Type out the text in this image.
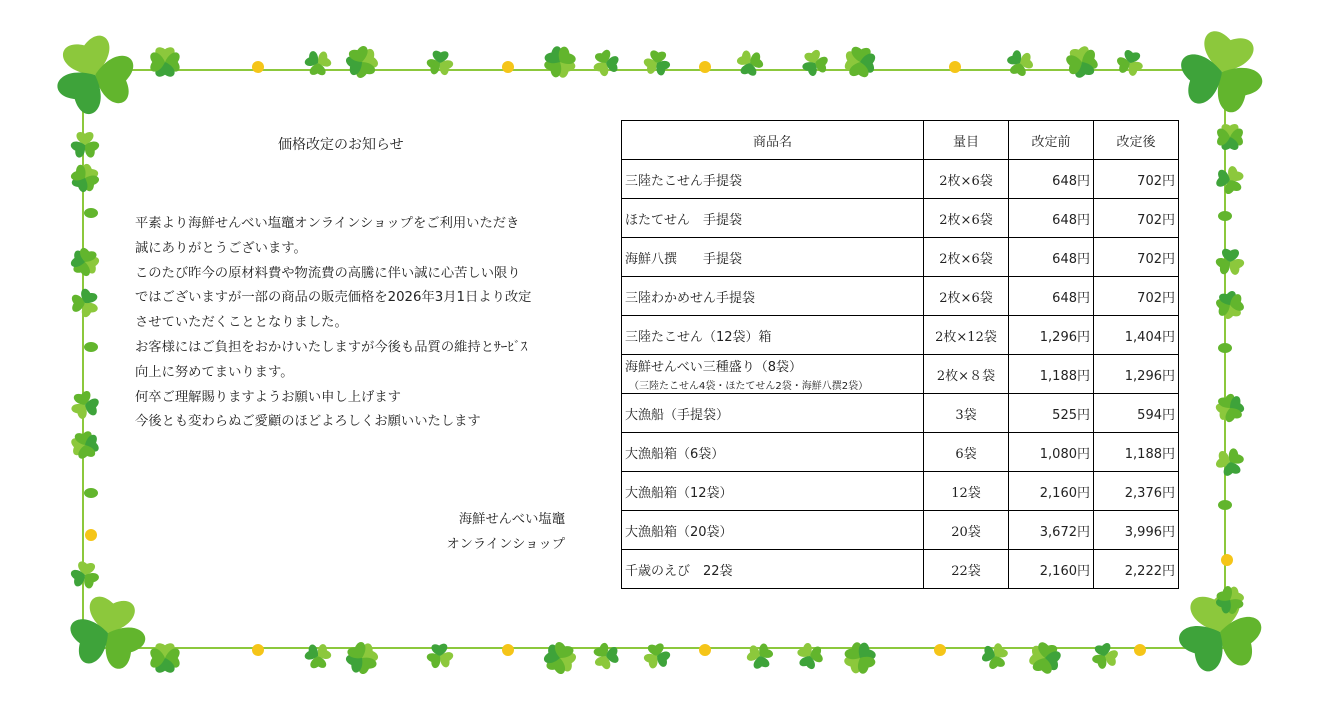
価格改定のお知らせ
平素より海鮮せんべい塩竈オンラインショップをご利用いただき
誠にありがとうございます。
このたび昨今の原材料費や物流費の高騰に伴い誠に心苦しい限り
ではございますが一部の商品の販売価格を2026年3月1日より改定
させていただくこととなりました。
お客様にはご負担をおかけいたしますが今後も品質の維持とｻｰﾋﾞｽ
向上に努めてまいります。
何卒ご理解賜りますようお願い申し上げます
今後とも変わらぬご愛顧のほどよろしくお願いいたします
海鮮せんべい塩竈
オンラインショップ
商品名	量目	改定前	改定後
三陸たこせん手提袋	2枚×6袋	648円	702円
ほたてせん　手提袋	2枚×6袋	648円	702円
海鮮八撰　　手提袋	2枚×6袋	648円	702円
三陸わかめせん手提袋	2枚×6袋	648円	702円
三陸たこせん（12袋）箱	2枚×12袋	1,296円	1,404円
海鮮せんべい三種盛り（8袋）
（三陸たこせん4袋・ほたてせん2袋・海鮮八撰2袋）	2枚×８袋	1,188円	1,296円
大漁船（手提袋）	3袋	525円	594円
大漁船箱（6袋）	6袋	1,080円	1,188円
大漁船箱（12袋）	12袋	2,160円	2,376円
大漁船箱（20袋）	20袋	3,672円	3,996円
千歳のえび　22袋	22袋	2,160円	2,222円
